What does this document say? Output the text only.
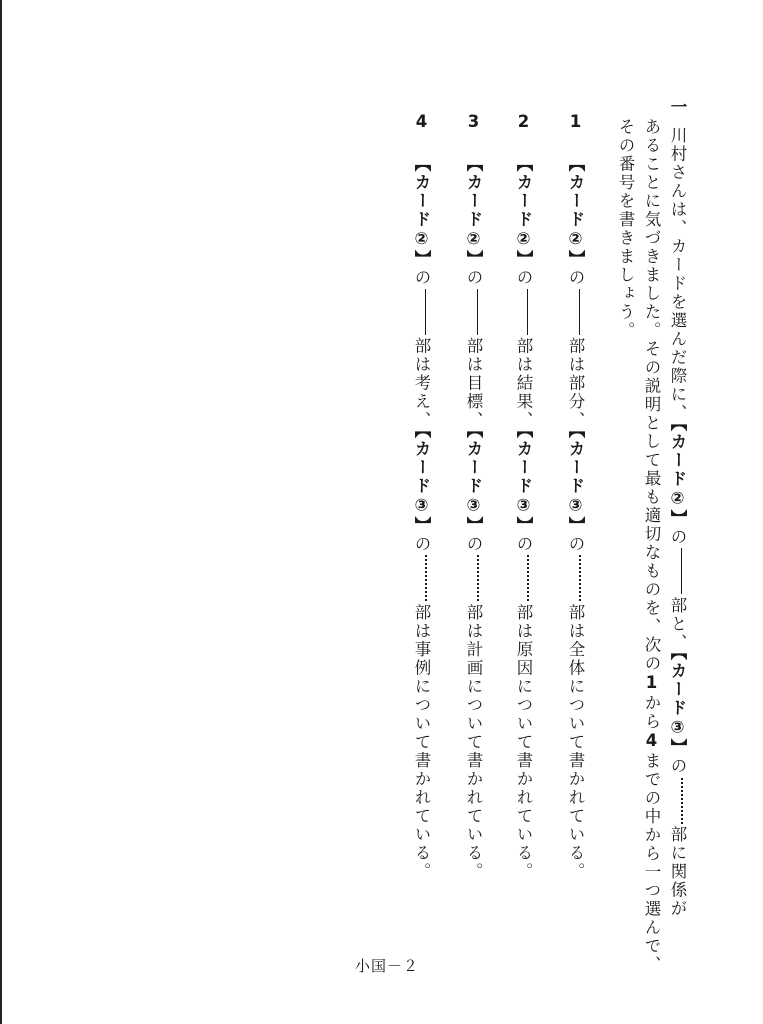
一川村さんは、カードを選んだ際に、【カード②】の部と、【カード③】の部に関係が
あることに気づきました。その説明として最も適切なものを、次の1から4までの中から一つ選んで、
その番号を書きましょう。
1【カード②】の部は部分、【カード③】の部は全体について書かれている。
2【カード②】の部は結果、【カード③】の部は原因について書かれている。
3【カード②】の部は目標、【カード③】の部は計画について書かれている。
4【カード②】の部は考え、【カード③】の部は事例について書かれている。
小国－２
